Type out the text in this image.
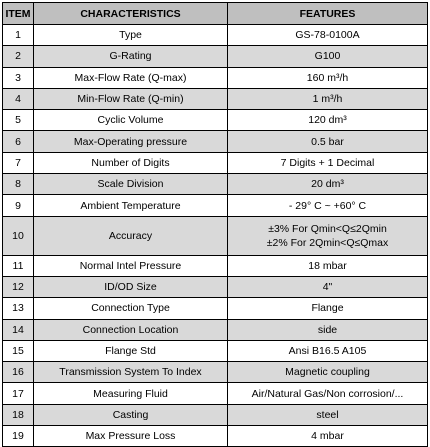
ITEM	CHARACTERISTICS	FEATURES
1	Type	GS-78-0100A
2	G-Rating	G100
3	Max-Flow Rate (Q-max)	160 m³/h
4	Min-Flow Rate (Q-min)	1 m³/h
5	Cyclic Volume	120 dm³
6	Max-Operating pressure	0.5 bar
7	Number of Digits	7 Digits + 1 Decimal
8	Scale Division	20 dm³
9	Ambient Temperature	- 29° C ~ +60° C
10	Accuracy	±3% For Qmin<Q≤2Qmin
±2% For 2Qmin<Q≤Qmax

11	Normal Intel Pressure	18 mbar
12	ID/OD Size	4"
13	Connection Type	Flange
14	Connection Location	side
15	Flange Std	Ansi B16.5 A105
16	Transmission System To Index	Magnetic coupling
17	Measuring Fluid	Air/Natural Gas/Non corrosion/...
18	Casting	steel
19	Max Pressure Loss	4 mbar
